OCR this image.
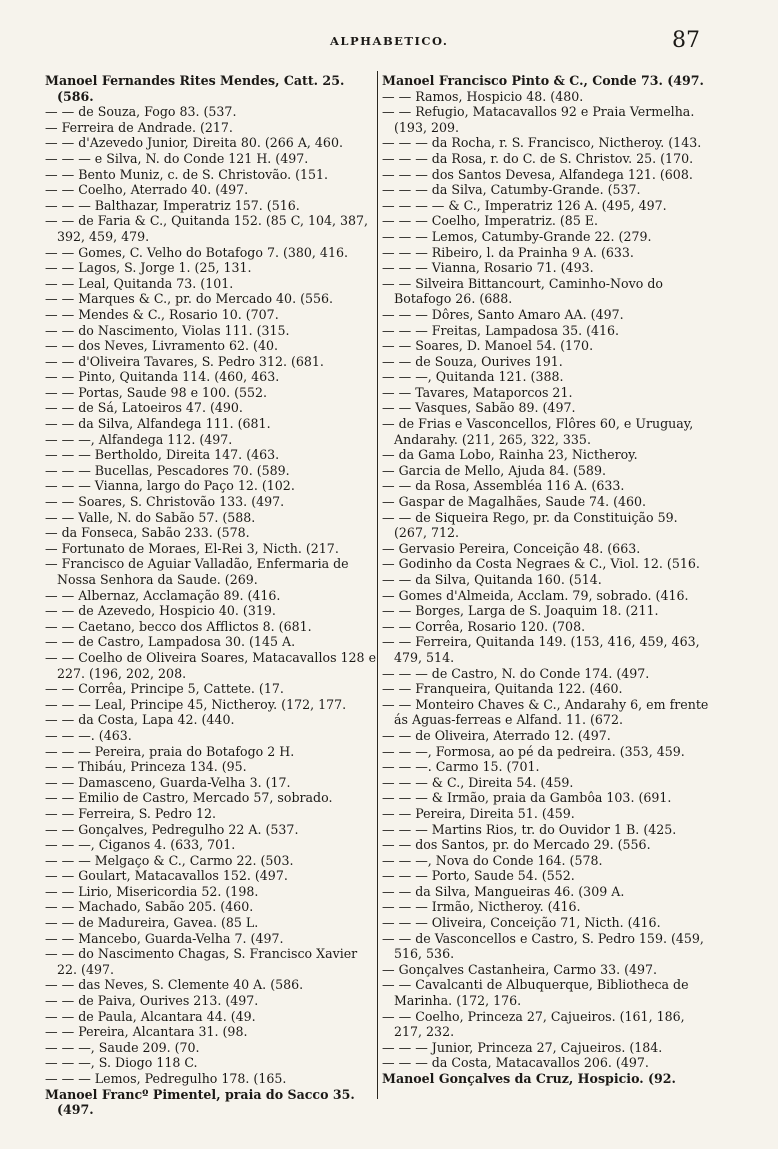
ALPHABETICO.	87
Manoel Fernandes Rites Mendes, Catt. 25. (586.
— — de Souza, Fogo 83. (537.
— Ferreira de Andrade. (217.
— — d'Azevedo Junior, Direita 80. (266 A, 460.
— — — e Silva, N. do Conde 121 H. (497.
— — Bento Muniz, c. de S. Christovão. (151.
— — Coelho, Aterrado 40. (497.
— — — Balthazar, Imperatriz 157. (516.
— — de Faria & C., Quitanda 152. (85 C, 104, 387, 392, 459, 479.
— — Gomes, C. Velho do Botafogo 7. (380, 416.
— — Lagos, S. Jorge 1. (25, 131.
— — Leal, Quitanda 73. (101.
— — Marques & C., pr. do Mercado 40. (556.
— — Mendes & C., Rosario 10. (707.
— — do Nascimento, Violas 111. (315.
— — dos Neves, Livramento 62. (40.
— — d'Oliveira Tavares, S. Pedro 312. (681.
— — Pinto, Quitanda 114. (460, 463.
— — Portas, Saude 98 e 100. (552.
— — de Sá, Latoeiros 47. (490.
— — da Silva, Alfandega 111. (681.
— — —, Alfandega 112. (497.
— — — Bertholdo, Direita 147. (463.
— — — Bucellas, Pescadores 70. (589.
— — — Vianna, largo do Paço 12. (102.
— — Soares, S. Christovão 133. (497.
— — Valle, N. do Sabão 57. (588.
— da Fonseca, Sabão 233. (578.
— Fortunato de Moraes, El-Rei 3, Nicth. (217.
— Francisco de Aguiar Valladão, Enfermaria de Nossa Senhora da Saude. (269.
— — Albernaz, Acclamação 89. (416.
— — de Azevedo, Hospicio 40. (319.
— — Caetano, becco dos Afflictos 8. (681.
— — de Castro, Lampadosa 30. (145 A.
— — Coelho de Oliveira Soares, Matacavallos 128 e 227. (196, 202, 208.
— — Corrêa, Principe 5, Cattete. (17.
— — — Leal, Principe 45, Nictheroy. (172, 177.
— — da Costa, Lapa 42. (440.
— — —. (463.
— — — Pereira, praia do Botafogo 2 H.
— — Thibáu, Princeza 134. (95.
— — Damasceno, Guarda-Velha 3. (17.
— — Emilio de Castro, Mercado 57, sobrado.
— — Ferreira, S. Pedro 12.
— — Gonçalves, Pedregulho 22 A. (537.
— — —, Ciganos 4. (633, 701.
— — — Melgaço & C., Carmo 22. (503.
— — Goulart, Matacavallos 152. (497.
— — Lirio, Misericordia 52. (198.
— — Machado, Sabão 205. (460.
— — de Madureira, Gavea. (85 L.
— — Mancebo, Guarda-Velha 7. (497.
— — do Nascimento Chagas, S. Francisco Xavier 22. (497.
— — das Neves, S. Clemente 40 A. (586.
— — de Paiva, Ourives 213. (497.
— — de Paula, Alcantara 44. (49.
— — Pereira, Alcantara 31. (98.
— — —, Saude 209. (70.
— — —, S. Diogo 118 C.
— — — Lemos, Pedregulho 178. (165.
Manoel Francº Pimentel, praia do Sacco 35. (497.
Manoel Francisco Pinto & C., Conde 73. (497.
— — Ramos, Hospicio 48. (480.
— — Refugio, Matacavallos 92 e Praia Vermelha. (193, 209.
— — — da Rocha, r. S. Francisco, Nictheroy. (143.
— — — da Rosa, r. do C. de S. Christov. 25. (170.
— — — dos Santos Devesa, Alfandega 121. (608.
— — — da Silva, Catumby-Grande. (537.
— — — — & C., Imperatriz 126 A. (495, 497.
— — — Coelho, Imperatriz. (85 E.
— — — Lemos, Catumby-Grande 22. (279.
— — — Ribeiro, l. da Prainha 9 A. (633.
— — — Vianna, Rosario 71. (493.
— — Silveira Bittancourt, Caminho-Novo do Botafogo 26. (688.
— — — Dôres, Santo Amaro AA. (497.
— — — Freitas, Lampadosa 35. (416.
— — Soares, D. Manoel 54. (170.
— — de Souza, Ourives 191.
— — —, Quitanda 121. (388.
— — Tavares, Mataporcos 21.
— — Vasques, Sabão 89. (497.
— de Frias e Vasconcellos, Flôres 60, e Uruguay, Andarahy. (211, 265, 322, 335.
— da Gama Lobo, Rainha 23, Nictheroy.
— Garcia de Mello, Ajuda 84. (589.
— — da Rosa, Assembléa 116 A. (633.
— Gaspar de Magalhães, Saude 74. (460.
— — de Siqueira Rego, pr. da Constituição 59. (267, 712.
— Gervasio Pereira, Conceição 48. (663.
— Godinho da Costa Negraes & C., Viol. 12. (516.
— — da Silva, Quitanda 160. (514.
— Gomes d'Almeida, Acclam. 79, sobrado. (416.
— — Borges, Larga de S. Joaquim 18. (211.
— — Corrêa, Rosario 120. (708.
— — Ferreira, Quitanda 149. (153, 416, 459, 463, 479, 514.
— — — de Castro, N. do Conde 174. (497.
— — Franqueira, Quitanda 122. (460.
— — Monteiro Chaves & C., Andarahy 6, em frente ás Aguas-ferreas e Alfand. 11. (672.
— — de Oliveira, Aterrado 12. (497.
— — —, Formosa, ao pé da pedreira. (353, 459.
— — —. Carmo 15. (701.
— — — & C., Direita 54. (459.
— — — & Irmão, praia da Gambôa 103. (691.
— — Pereira, Direita 51. (459.
— — — Martins Rios, tr. do Ouvidor 1 B. (425.
— — dos Santos, pr. do Mercado 29. (556.
— — —, Nova do Conde 164. (578.
— — — Porto, Saude 54. (552.
— — da Silva, Mangueiras 46. (309 A.
— — — Irmão, Nictheroy. (416.
— — — Oliveira, Conceição 71, Nicth. (416.
— — de Vasconcellos e Castro, S. Pedro 159. (459, 516, 536.
— Gonçalves Castanheira, Carmo 33. (497.
— — Cavalcanti de Albuquerque, Bibliotheca de Marinha. (172, 176.
— — Coelho, Princeza 27, Cajueiros. (161, 186, 217, 232.
— — — Junior, Princeza 27, Cajueiros. (184.
— — — da Costa, Matacavallos 206. (497.
Manoel Gonçalves da Cruz, Hospicio. (92.
